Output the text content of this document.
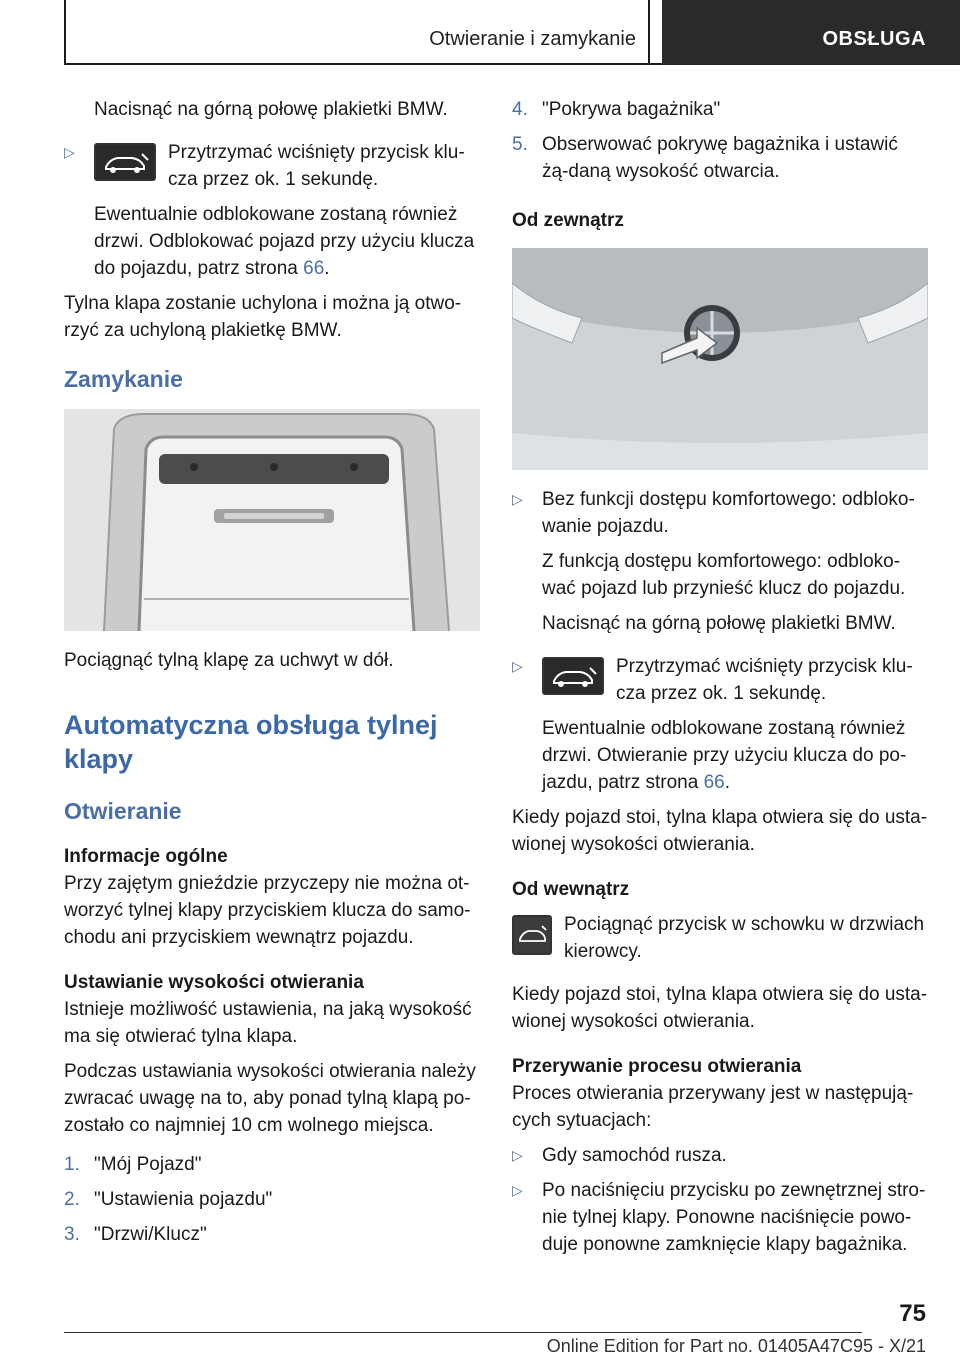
Otwieranie i zamykanie	OBSŁUGA

Nacisnąć na górną połowę plakietki BMW.

▷	Przytrzymać wciśnięty przycisk klu-cza przez ok. 1 sekundę.

Ewentualnie odblokowane zostaną również drzwi. Odblokować pojazd przy użyciu klucza do pojazdu, patrz strona 66.

Tylna klapa zostanie uchylona i można ją otwo-rzyć za uchyloną plakietkę BMW.

Zamykanie

Pociągnąć tylną klapę za uchwyt w dół.

Automatyczna obsługa tylnej klapy
Otwieranie
Informacje ogólne

Przy zajętym gnieździe przyczepy nie można ot-worzyć tylnej klapy przyciskiem klucza do samo-chodu ani przyciskiem wewnątrz pojazdu.

Ustawianie wysokości otwierania

Istnieje możliwość ustawienia, na jaką wysokość ma się otwierać tylna klapa.

Podczas ustawiania wysokości otwierania należy zwracać uwagę na to, aby ponad tylną klapą po-zostało co najmniej 10 cm wolnego miejsca.

1. "Mój Pojazd"
2. "Ustawienia pojazdu"
3. "Drzwi/Klucz"
4. "Pokrywa bagażnika"
5. Obserwować pokrywę bagażnika i ustawić żą-daną wysokość otwarcia.
Od zewnątrz
▷	Bez funkcji dostępu komfortowego: odbloko-wanie pojazdu.

Z funkcją dostępu komfortowego: odbloko-wać pojazd lub przynieść klucz do pojazdu.

Nacisnąć na górną połowę plakietki BMW.

▷	Przytrzymać wciśnięty przycisk klu-cza przez ok. 1 sekundę.

Ewentualnie odblokowane zostaną również drzwi. Otwieranie przy użyciu klucza do po-jazdu, patrz strona 66.

Kiedy pojazd stoi, tylna klapa otwiera się do usta-wionej wysokości otwierania.

Od wewnątrz

Pociągnąć przycisk w schowku w drzwiach kierowcy.

Kiedy pojazd stoi, tylna klapa otwiera się do usta-wionej wysokości otwierania.

Przerywanie procesu otwierania

Proces otwierania przerywany jest w następują-cych sytuacjach:

▷	Gdy samochód rusza.

▷	Po naciśnięciu przycisku po zewnętrznej stro-nie tylnej klapy. Ponowne naciśnięcie powo-duje ponowne zamknięcie klapy bagażnika.

75
Online Edition for Part no. 01405A47C95 - X/21
